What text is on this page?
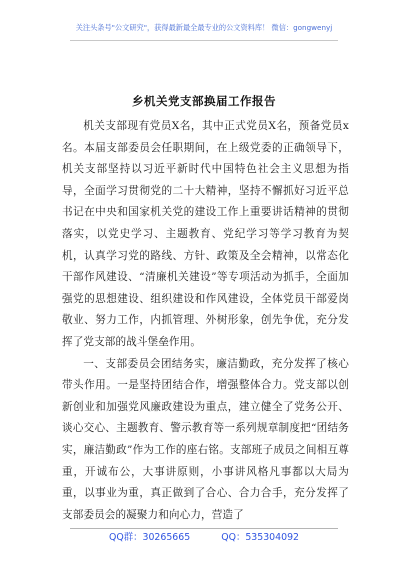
关注头条号"公文研究"，获得最新最全最专业的公文资料库！ 微信：gongwenyj
乡机关党支部换届工作报告

机关支部现有党员X名，其中正式党员X名，预备党员x名。本届支部委员会任职期间，在上级党委的正确领导下，机关支部坚持以习近平新时代中国特色社会主义思想为指导，全面学习贯彻党的二十大精神，坚持不懈抓好习近平总书记在中央和国家机关党的建设工作上重要讲话精神的贯彻落实，以党史学习、主题教育、党纪学习等学习教育为契机，认真学习党的路线、方针、政策及全会精神，以常态化干部作风建设、“清廉机关建设”等专项活动为抓手，全面加强党的思想建设、组织建设和作风建设，全体党员干部爱岗敬业、努力工作，内抓管理、外树形象，创先争优，充分发挥了党支部的战斗堡垒作用。

一、支部委员会团结务实，廉洁勤政，充分发挥了核心带头作用。一是坚持团结合作，增强整体合力。党支部以创新创业和加强党风廉政建设为重点，建立健全了党务公开、谈心交心、主题教育、警示教育等一系列规章制度把“团结务实，廉洁勤政”作为工作的座右铭。支部班子成员之间相互尊重，开诚布公，大事讲原则，小事讲风格凡事都以大局为重，以事业为重，真正做到了合心、合力合手，充分发挥了支部委员会的凝聚力和向心力，营造了

QQ群：30265665	QQ：535304092
